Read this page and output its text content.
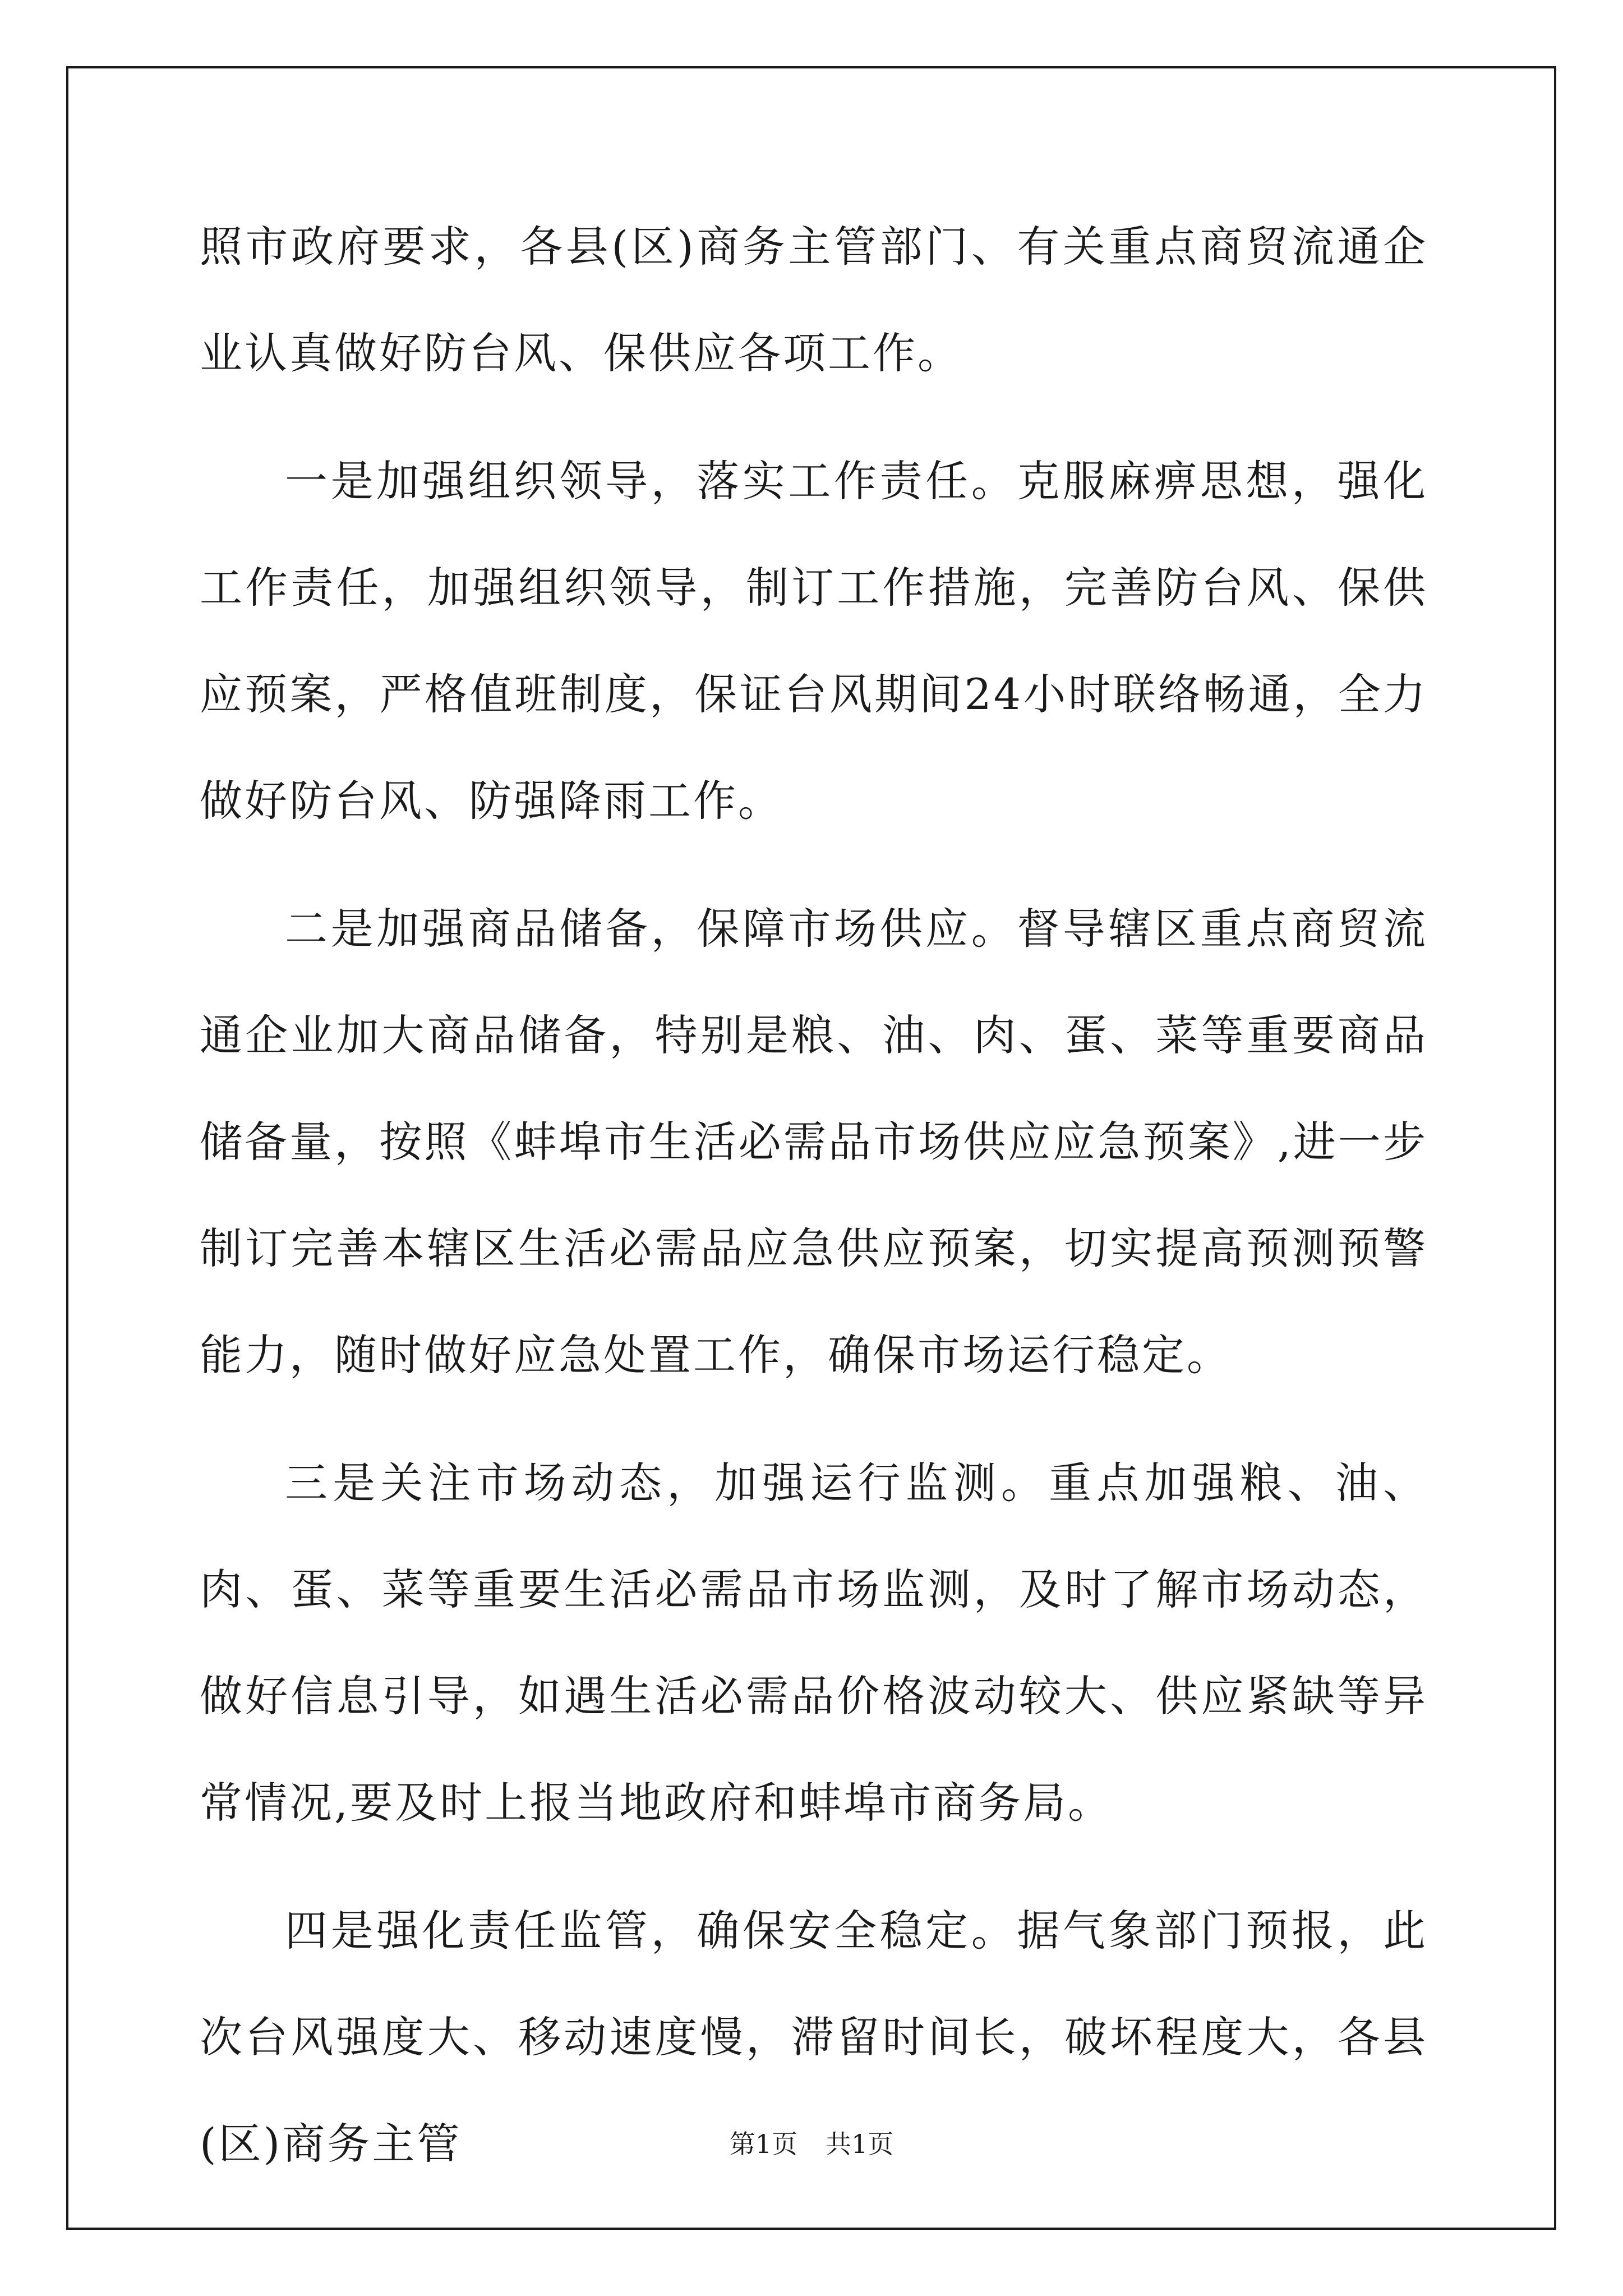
照市政府要求，各县(区)商务主管部门、有关重点商贸流通企业认真做好防台风、保供应各项工作。

一是加强组织领导，落实工作责任。克服麻痹思想，强化工作责任，加强组织领导，制订工作措施，完善防台风、保供应预案，严格值班制度，保证台风期间24小时联络畅通，全力做好防台风、防强降雨工作。

二是加强商品储备，保障市场供应。督导辖区重点商贸流通企业加大商品储备，特别是粮、油、肉、蛋、菜等重要商品储备量，按照《蚌埠市生活必需品市场供应应急预案》,进一步制订完善本辖区生活必需品应急供应预案，切实提高预测预警能力，随时做好应急处置工作，确保市场运行稳定。

三是关注市场动态，加强运行监测。重点加强粮、油、肉、蛋、菜等重要生活必需品市场监测，及时了解市场动态，做好信息引导，如遇生活必需品价格波动较大、供应紧缺等异常情况,要及时上报当地政府和蚌埠市商务局。

四是强化责任监管，确保安全稳定。据气象部门预报，此次台风强度大、移动速度慢，滞留时间长，破坏程度大，各县(区)商务主管	第1页 共1页
